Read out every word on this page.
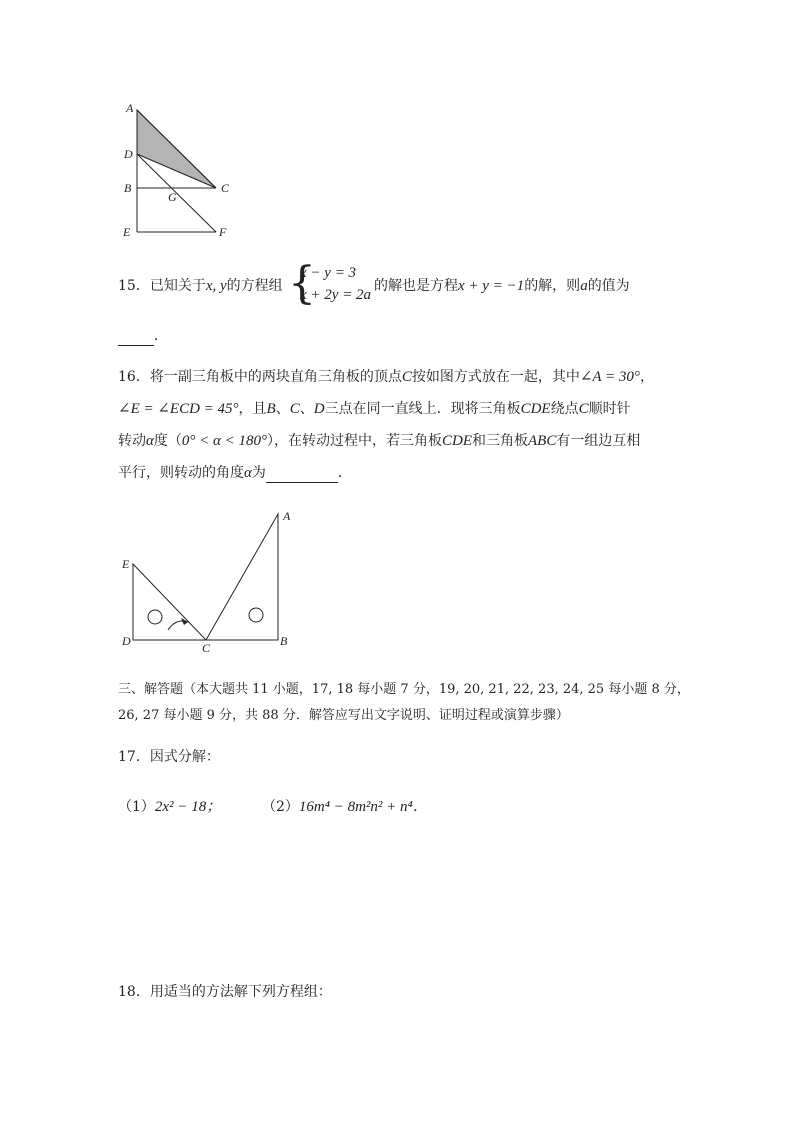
A
D
B	C
G
E	F
15．已知关于x, y的方程组 {
x − y = 3
x + 2y = 2a
的解也是方程x + y = −1的解，则a的值为
．
16．将一副三角板中的两块直角三角板的顶点C按如图方式放在一起，其中∠A = 30°，
∠E = ∠ECD = 45°，且B、C、D三点在同一直线上．现将三角板CDE绕点C顺时针
转动α度（0° < α < 180°），在转动过程中，若三角板CDE和三角板ABC有一组边互相
平行，则转动的角度α为	．
E
A
D	C	B
三、解答题（本大题共 11 小题，17, 18 每小题 7 分，19, 20, 21, 22, 23, 24, 25 每小题 8 分，
26, 27 每小题 9 分，共 88 分．解答应写出文字说明、证明过程或演算步骤）
17．因式分解：
（1）2x² − 18；	（2）16m⁴ − 8m²n² + n⁴．
18．用适当的方法解下列方程组：
